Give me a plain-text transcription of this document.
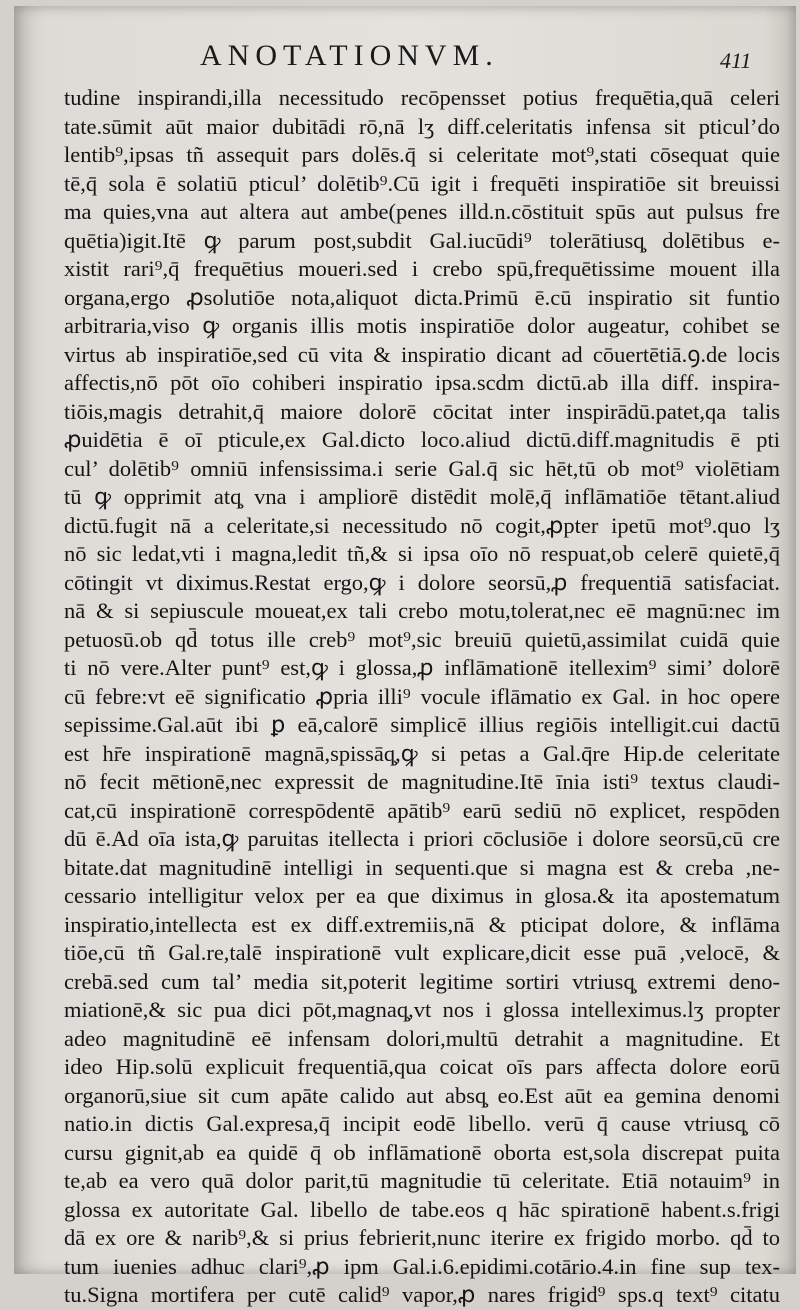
ANOTATIONVM.	411
tudine inspirandi,illa necessitudo recōpensset potius frequētia,quā celeri
tate.sūmit aūt maior dubitādi rō,nā lʒ diff.celeritatis infensa sit pticul’do
lentib⁹,ipsas tñ assequit pars dolēs.q̄ si celeritate mot⁹,stati cōsequat quie
tē,q̄ sola ē solatiū pticul’ dolētib⁹.Cū igit i frequēti inspiratiōe sit breuissi
ma quies,vna aut altera aut ambe(penes illd.n.cōstituit spūs aut pulsus fre
quētia)igit.Itē ꝙ parum post,subdit Gal.iucūdi⁹ tolerātiusq̧ dolētibus e-
xistit rari⁹,q̄ frequētius moueri.sed i crebo spū,frequētissime mouent illa
organa,ergo ꝓsolutiōe nota,aliquot dicta.Primū ē.cū inspiratio sit funtio
arbitraria,viso ꝙ organis illis motis inspiratiōe dolor augeatur, cohibet se
virtus ab inspiratiōe,sed cū vita & inspiratio dicant ad cōuertētiā.ꝯ.de locis
affectis,nō pōt oīo cohiberi inspiratio ipsa.scdm dictū.ab illa diff. inspira-
tiōis,magis detrahit,q̄ maiore dolorē cōcitat inter inspirādū.patet,qa talis
ꝓuidētia ē oī pticule,ex Gal.dicto loco.aliud dictū.diff.magnitudis ē pti
cul’ dolētib⁹ omniū infensissima.i serie Gal.q̄ sic hēt,tū ob mot⁹ violētiam
tū ꝙ opprimit atq̧ vna i ampliorē distēdit molē,q̄ inflāmatiōe tētant.aliud
dictū.fugit nā a celeritate,si necessitudo nō cogit,ꝓpter ipetū mot⁹.quo lʒ
nō sic ledat,vti i magna,ledit tñ,& si ipsa oīo nō respuat,ob celerē quietē,q̄
cōtingit vt diximus.Restat ergo,ꝙ i dolore seorsū,ꝓ frequentiā satisfaciat.
nā & si sepiuscule moueat,ex tali crebo motu,tolerat,nec eē magnū:nec im
petuosū.ob qd̄ totus ille creb⁹ mot⁹,sic breuiū quietū,assimilat cuidā quie
ti nō vere.Alter punt⁹ est,ꝙ i glossa,ꝓ inflāmationē itellexim⁹ simi’ dolorē
cū febre:vt eē significatio ꝓpria illi⁹ vocule iflāmatio ex Gal. in hoc opere
sepissime.Gal.aūt ibi ꝑ eā,calorē simplicē illius regiōis intelligit.cui dactū
est hr̄e inspirationē magnā,spissāq̧,ꝙ si petas a Gal.q̄re Hip.de celeritate
nō fecit mētionē,nec expressit de magnitudine.Itē īnia isti⁹ textus claudi-
cat,cū inspirationē correspōdentē apātib⁹ earū sediū nō explicet, respōden
dū ē.Ad oīa ista,ꝙ paruitas itellecta i priori cōclusiōe i dolore seorsū,cū cre
bitate.dat magnitudinē intelligi in sequenti.que si magna est & creba ,ne-
cessario intelligitur velox per ea que diximus in glosa.& ita apostematum
inspiratio,intellecta est ex diff.extremiis,nā & pticipat dolore, & inflāma
tiōe,cū tñ Gal.re,talē inspirationē vult explicare,dicit esse puā ,velocē, &
crebā.sed cum tal’ media sit,poterit legitime sortiri vtriusq̧ extremi deno-
miationē,& sic pua dici pōt,magnaq̧,vt nos i glossa intelleximus.lʒ propter
adeo magnitudinē eē infensam dolori,multū detrahit a magnitudine. Et
ideo Hip.solū explicuit frequentiā,qua coicat oīs pars affecta dolore eorū
organorū,siue sit cum apāte calido aut absq̧ eo.Est aūt ea gemina denomi
natio.in dictis Gal.expresa,q̄ incipit eodē libello. verū q̄ cause vtriusq̧ cō
cursu gignit,ab ea quidē q̄ ob inflāmationē oborta est,sola discrepat puita
te,ab ea vero quā dolor parit,tū magnitudie tū celeritate. Etiā notauim⁹ in
glossa ex autoritate Gal. libello de tabe.eos q hāc spirationē habent.s.frigi
dā ex ore & narib⁹,& si prius febrierit,nunc iterire ex frigido morbo. qd̄ to
tum iuenies adhuc clari⁹,ꝓ ipm Gal.i.6.epidimi.cotārio.4.in fine sup tex-
tu.Signa mortifera per cutē calid⁹ vapor,ꝓ nares frigid⁹ sps.q text⁹ citatu
